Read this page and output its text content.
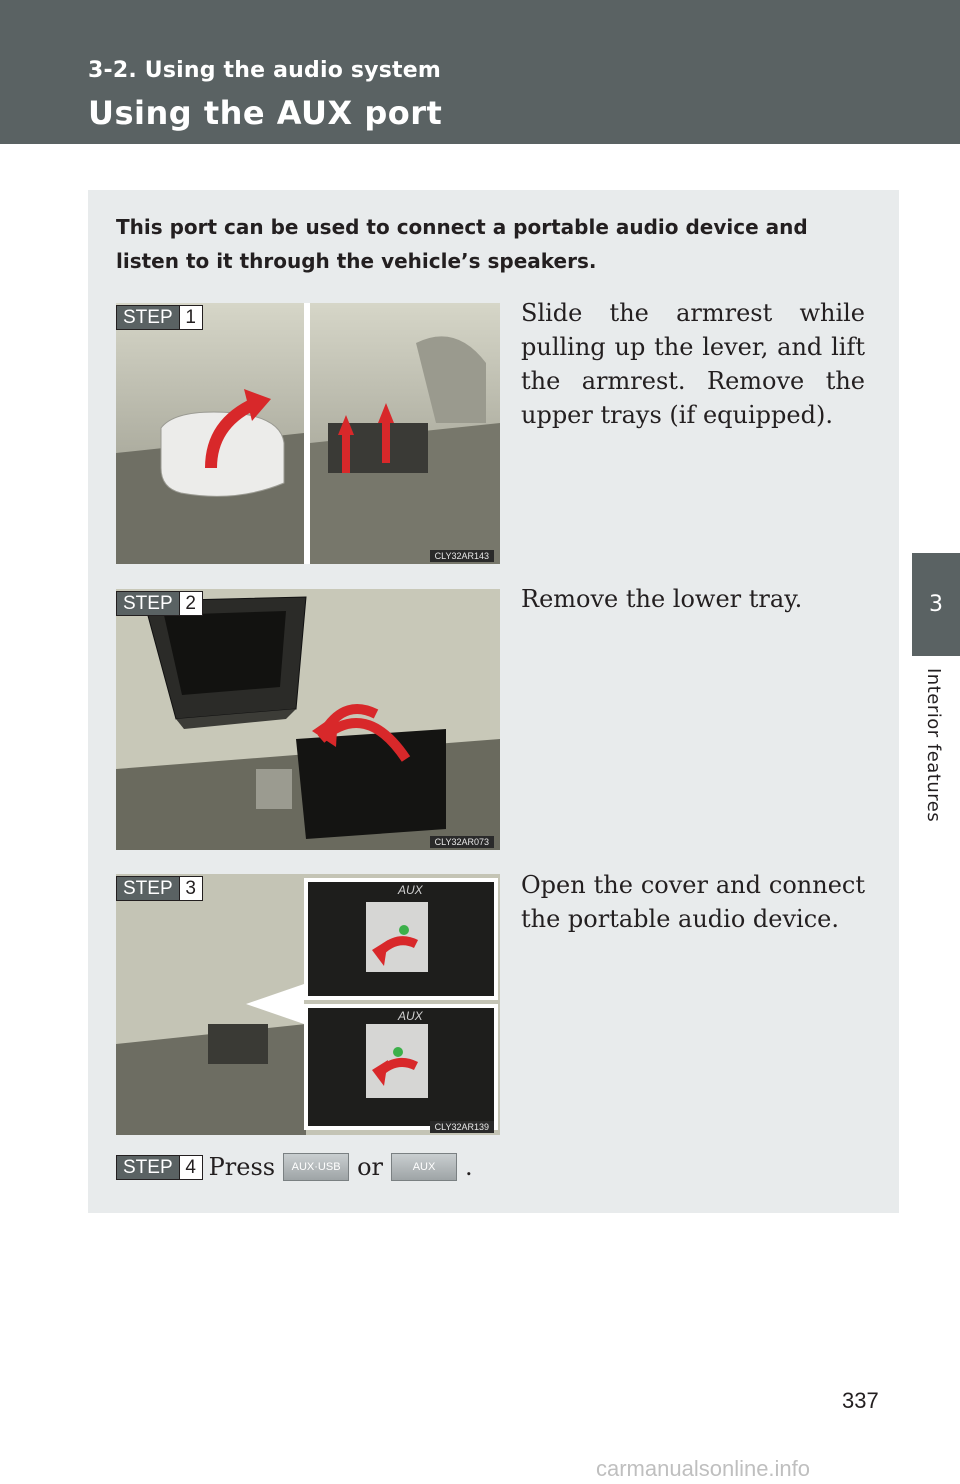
3-2. Using the audio system
Using the AUX port
3
Interior features
This port can be used to connect a portable audio device and listen to it through the vehicle’s speakers.
STEP 1
CLY32AR143
Slide the armrest while pulling up the lever, and lift the armrest. Remove the upper trays (if equipped).
STEP 2
CLY32AR073
Remove the lower tray.
STEP 3	AUX
AUX
CLY32AR139
Open the cover and connect the portable audio device.
STEP 4 Press	AUX·USB or	AUX	.
337
carmanualsonline.info
